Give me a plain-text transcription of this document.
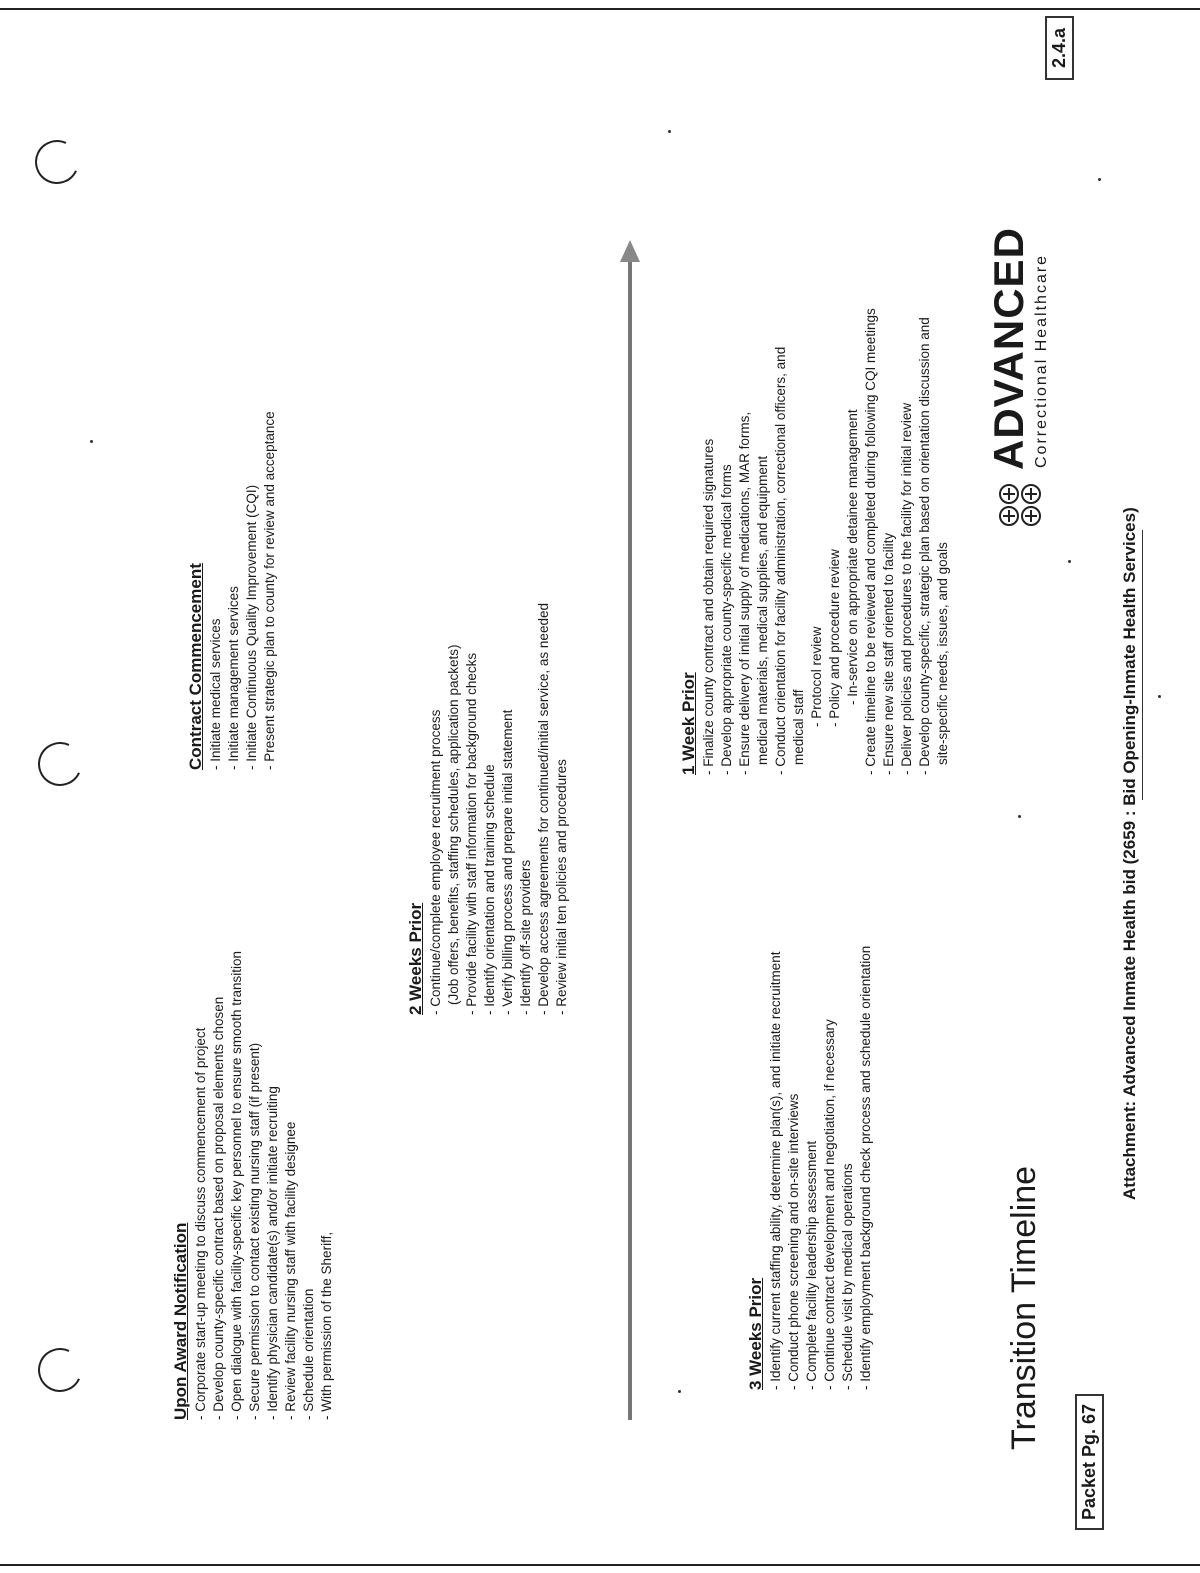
Upon Award Notification - Corporate start-up meeting to discuss commencement of project - Develop county-specific contract based on proposal elements chosen - Open dialogue with facility-specific key personnel to ensure smooth transition - Secure permission to contact existing nursing staff (if present) - Identify physician candidate(s) and/or initiate recruiting - Review facility nursing staff with facility designee - Schedule orientation - With permission of the Sheriff,
Contract Commencement - Initiate medical services - Initiate management services - Initiate Continuous Quality Improvement (CQI) - Present strategic plan to county for review and acceptance
2 Weeks Prior - Continue/complete employee recruitment process (Job offers, benefits, staffing schedules, application packets) - Provide facility with staff information for background checks - Identify orientation and training schedule - Verify billing process and prepare initial statement - Identify off-site providers - Develop access agreements for continued/initial service, as needed - Review initial ten policies and procedures
3 Weeks Prior - Identify current staffing ability, determine plan(s), and initiate recruitment - Conduct phone screening and on-site interviews - Complete facility leadership assessment - Continue contract development and negotiation, if necessary - Schedule visit by medical operations - Identify employment background check process and schedule orientation
1 Week Prior - Finalize county contract and obtain required signatures - Develop appropriate county-specific medical forms - Ensure delivery of initial supply of medications, MAR forms, medical materials, medical supplies, and equipment - Conduct orientation for facility administration, correctional officers, and medical staff
- Protocol review - Policy and procedure review - In-service on appropriate detainee management - Create timeline to be reviewed and completed during following CQI meetings - Ensure new site staff oriented to facility - Deliver policies and procedures to the facility for initial review - Develop county-specific, strategic plan based on orientation discussion and site-specific needs, issues, and goals
Transition Timeline
ADVANCED Correctional Healthcare
Attachment: Advanced Inmate Health bid (2659 : Bid Opening-Inmate Health Services)
Packet Pg. 67
2.4.a
